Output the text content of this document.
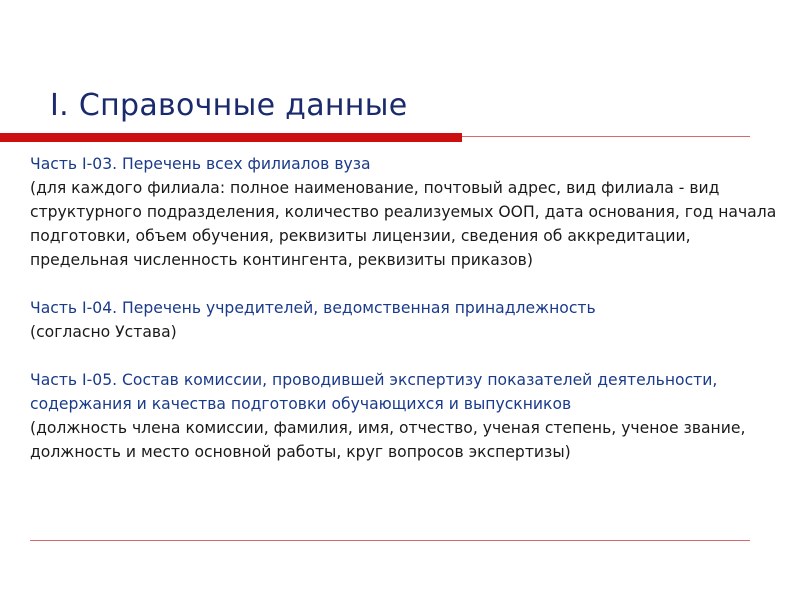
I. Справочные данные
Часть I-03. Перечень всех филиалов вуза
(для каждого филиала: полное наименование, почтовый адрес, вид филиала - вид структурного подразделения, количество реализуемых ООП, дата основания, год начала подготовки, объем обучения, реквизиты лицензии, сведения об аккредитации, предельная численность контингента, реквизиты приказов)
Часть I-04. Перечень учредителей, ведомственная принадлежность
(согласно Устава)
Часть I-05. Состав комиссии, проводившей экспертизу показателей деятельности, содержания и качества подготовки обучающихся и выпускников
(должность члена комиссии, фамилия, имя, отчество, ученая степень, ученое звание, должность и место основной работы, круг вопросов экспертизы)
